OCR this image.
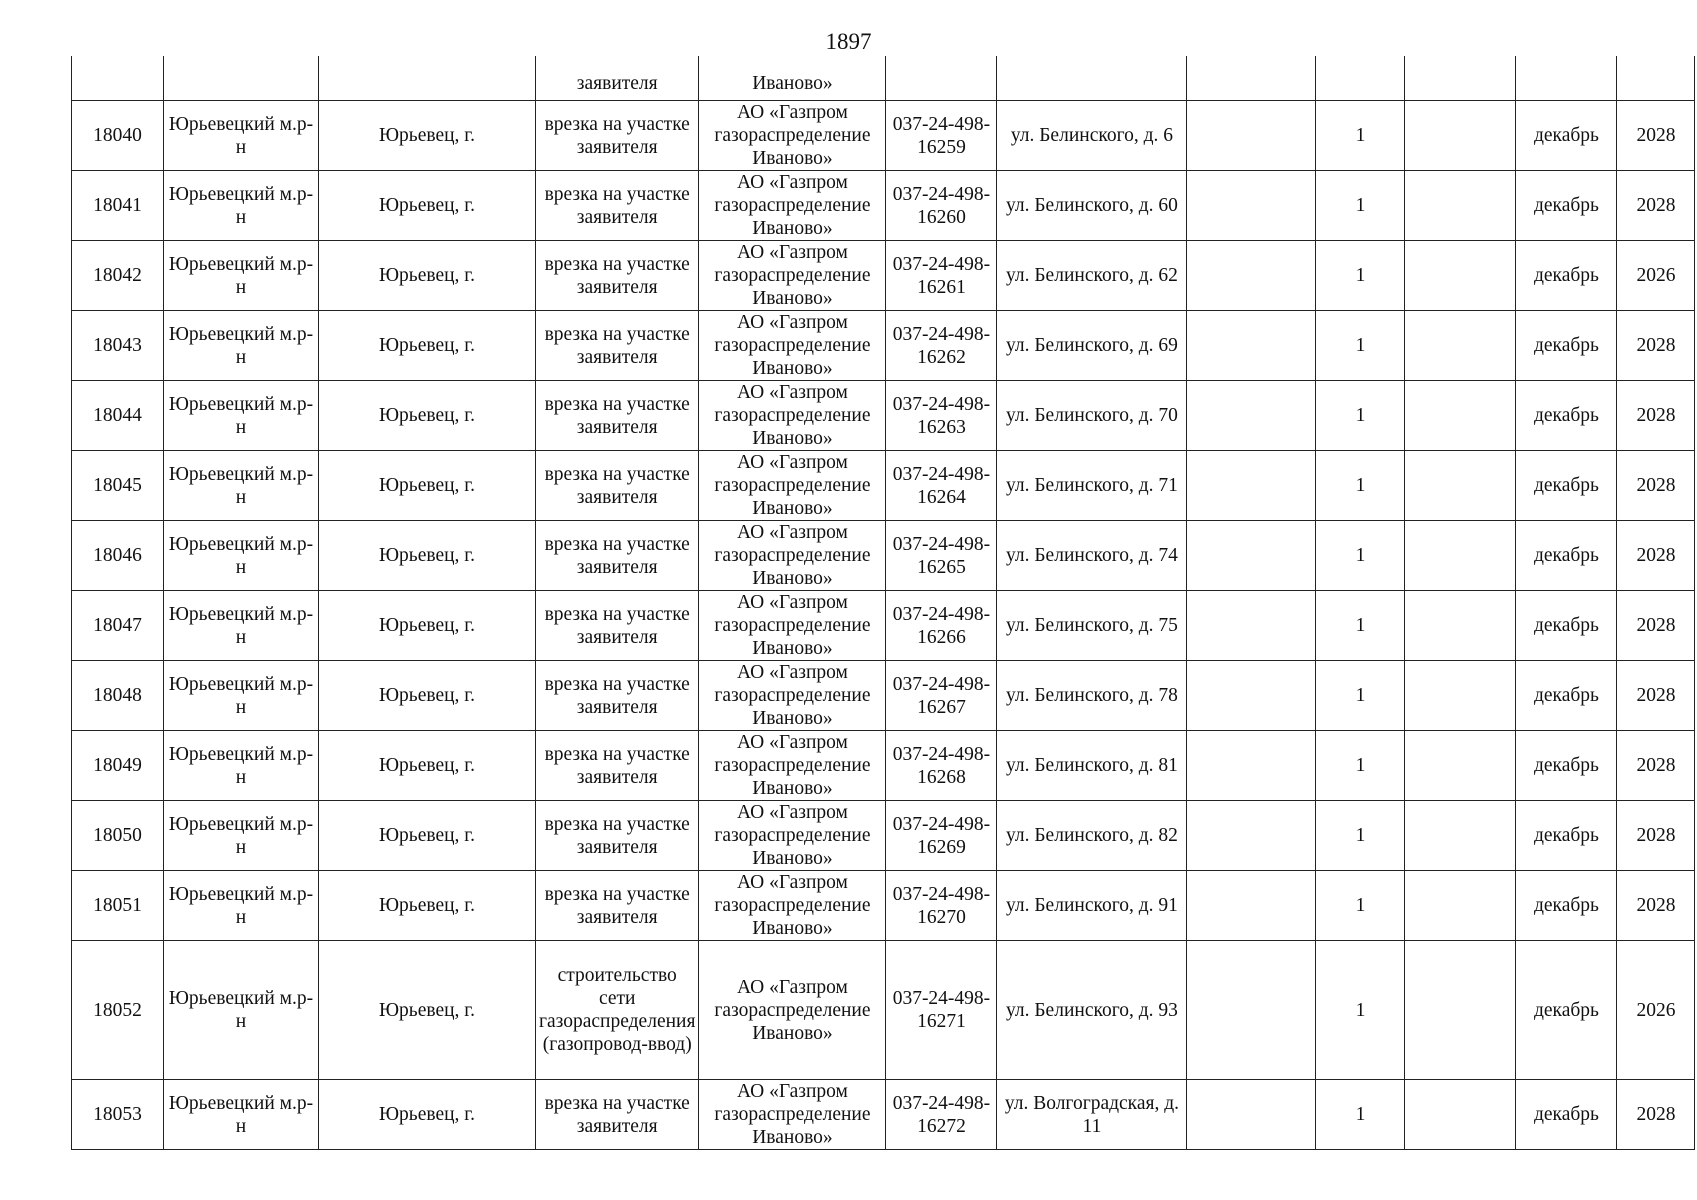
1897
			заявителя	Иваново»							
18040	Юрьевецкий м.р-н	Юрьевец, г.	врезка на участке заявителя	АО «Газпром газораспределение Иваново»	037-24-498-16259	ул. Белинского, д. 6		1		декабрь	2028
18041	Юрьевецкий м.р-н	Юрьевец, г.	врезка на участке заявителя	АО «Газпром газораспределение Иваново»	037-24-498-16260	ул. Белинского, д. 60		1		декабрь	2028
18042	Юрьевецкий м.р-н	Юрьевец, г.	врезка на участке заявителя	АО «Газпром газораспределение Иваново»	037-24-498-16261	ул. Белинского, д. 62		1		декабрь	2026
18043	Юрьевецкий м.р-н	Юрьевец, г.	врезка на участке заявителя	АО «Газпром газораспределение Иваново»	037-24-498-16262	ул. Белинского, д. 69		1		декабрь	2028
18044	Юрьевецкий м.р-н	Юрьевец, г.	врезка на участке заявителя	АО «Газпром газораспределение Иваново»	037-24-498-16263	ул. Белинского, д. 70		1		декабрь	2028
18045	Юрьевецкий м.р-н	Юрьевец, г.	врезка на участке заявителя	АО «Газпром газораспределение Иваново»	037-24-498-16264	ул. Белинского, д. 71		1		декабрь	2028
18046	Юрьевецкий м.р-н	Юрьевец, г.	врезка на участке заявителя	АО «Газпром газораспределение Иваново»	037-24-498-16265	ул. Белинского, д. 74		1		декабрь	2028
18047	Юрьевецкий м.р-н	Юрьевец, г.	врезка на участке заявителя	АО «Газпром газораспределение Иваново»	037-24-498-16266	ул. Белинского, д. 75		1		декабрь	2028
18048	Юрьевецкий м.р-н	Юрьевец, г.	врезка на участке заявителя	АО «Газпром газораспределение Иваново»	037-24-498-16267	ул. Белинского, д. 78		1		декабрь	2028
18049	Юрьевецкий м.р-н	Юрьевец, г.	врезка на участке заявителя	АО «Газпром газораспределение Иваново»	037-24-498-16268	ул. Белинского, д. 81		1		декабрь	2028
18050	Юрьевецкий м.р-н	Юрьевец, г.	врезка на участке заявителя	АО «Газпром газораспределение Иваново»	037-24-498-16269	ул. Белинского, д. 82		1		декабрь	2028
18051	Юрьевецкий м.р-н	Юрьевец, г.	врезка на участке заявителя	АО «Газпром газораспределение Иваново»	037-24-498-16270	ул. Белинского, д. 91		1		декабрь	2028
18052	Юрьевецкий м.р-н	Юрьевец, г.	строительство сети газораспределения (газопровод-ввод)	АО «Газпром газораспределение Иваново»	037-24-498-16271	ул. Белинского, д. 93		1		декабрь	2026
18053	Юрьевецкий м.р-н	Юрьевец, г.	врезка на участке заявителя	АО «Газпром газораспределение Иваново»	037-24-498-16272	ул. Волгоградская, д. 11		1		декабрь	2028
